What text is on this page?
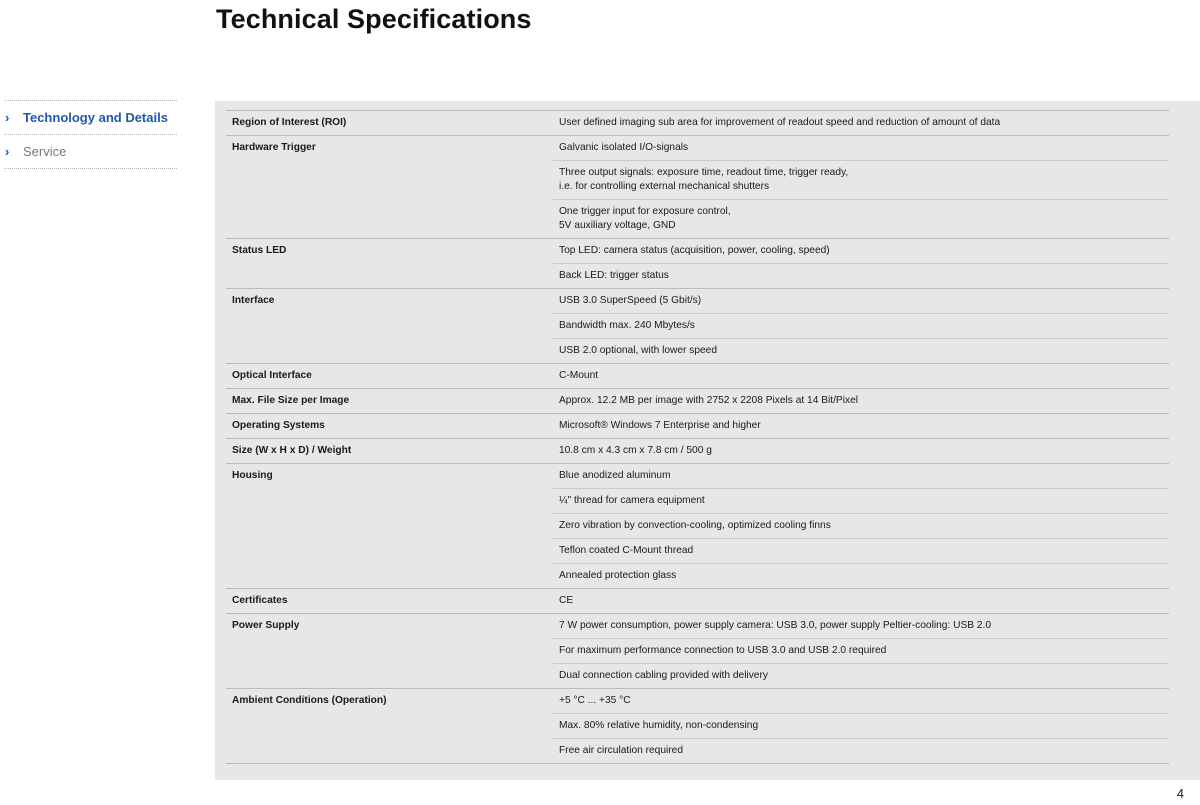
Technical Specifications
›	Technology and Details
›	Service
Region of Interest (ROI)	User defined imaging sub area for improvement of readout speed and reduction of amount of data
Hardware Trigger	Galvanic isolated I/O-signals
Three output signals: exposure time, readout time, trigger ready,
i.e. for controlling external mechanical shutters
One trigger input for exposure control,
5V auxiliary voltage, GND
Status LED	Top LED: camera status (acquisition, power, cooling, speed)
Back LED: trigger status
Interface	USB 3.0 SuperSpeed (5 Gbit/s)
Bandwidth max. 240 Mbytes/s
USB 2.0 optional, with lower speed
Optical Interface	C-Mount
Max. File Size per Image	Approx. 12.2 MB per image with 2752 x 2208 Pixels at 14 Bit/Pixel
Operating Systems	Microsoft® Windows 7 Enterprise and higher
Size (W x H x D) / Weight	10.8 cm x 4.3 cm x 7.8 cm / 500 g
Housing	Blue anodized aluminum
¼" thread for camera equipment
Zero vibration by convection-cooling, optimized cooling finns
Teflon coated C-Mount thread
Annealed protection glass
Certificates	CE
Power Supply	7 W power consumption, power supply camera: USB 3.0, power supply Peltier-cooling: USB 2.0
For maximum performance connection to USB 3.0 and USB 2.0 required
Dual connection cabling provided with delivery
Ambient Conditions (Operation)	+5 °C ... +35 °C
Max. 80% relative humidity, non-condensing
Free air circulation required
4
